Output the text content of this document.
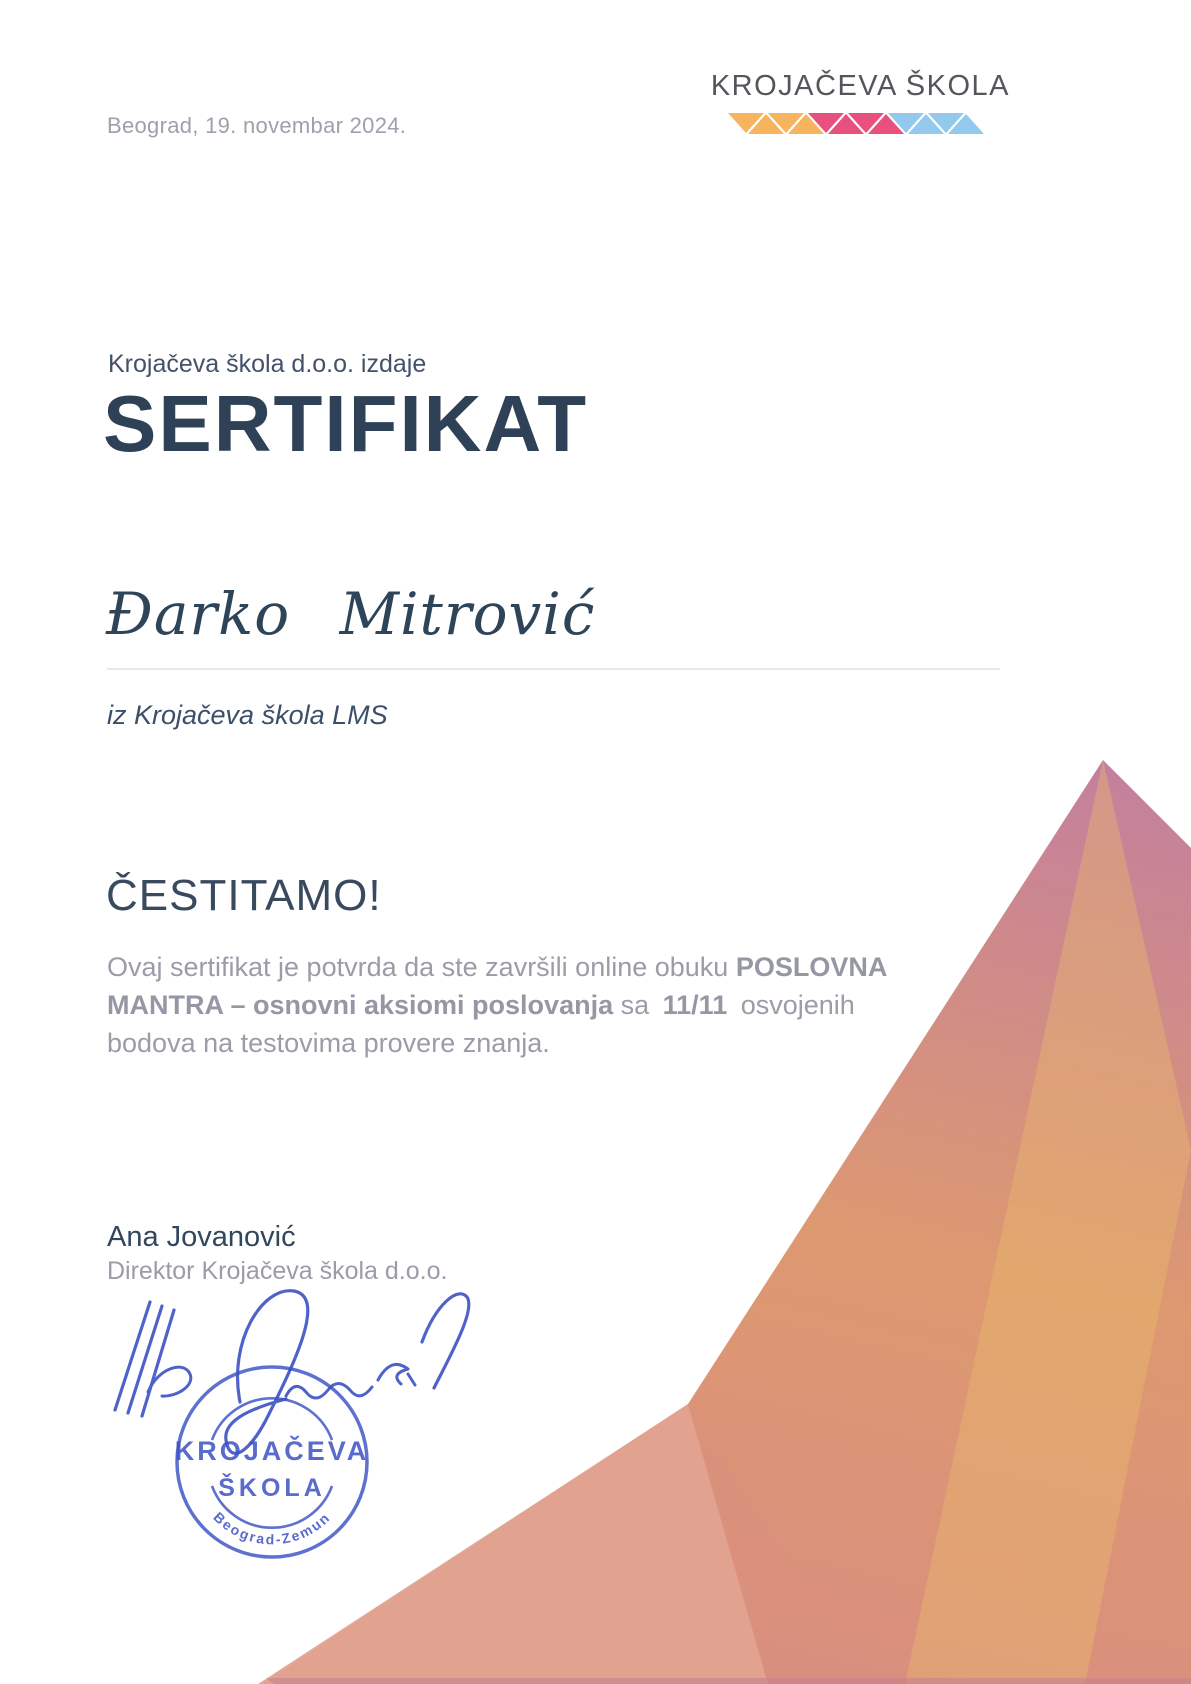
Beograd, 19. novembar 2024.
KROJAČEVA ŠKOLA
Krojačeva škola d.o.o. izdaje
SERTIFIKAT
Đarko Mitrović
iz Krojačeva škola LMS
ČESTITAMO!

Ovaj sertifikat je potvrda da ste završili online obuku POSLOVNA MANTRA – osnovni aksiomi poslovanja sa 11/11 osvojenih bodova na testovima provere znanja.

Ana Jovanović
Direktor Krojačeva škola d.o.o.
KROJAČEVA
ŠKOLA
Beograd-Zemun
